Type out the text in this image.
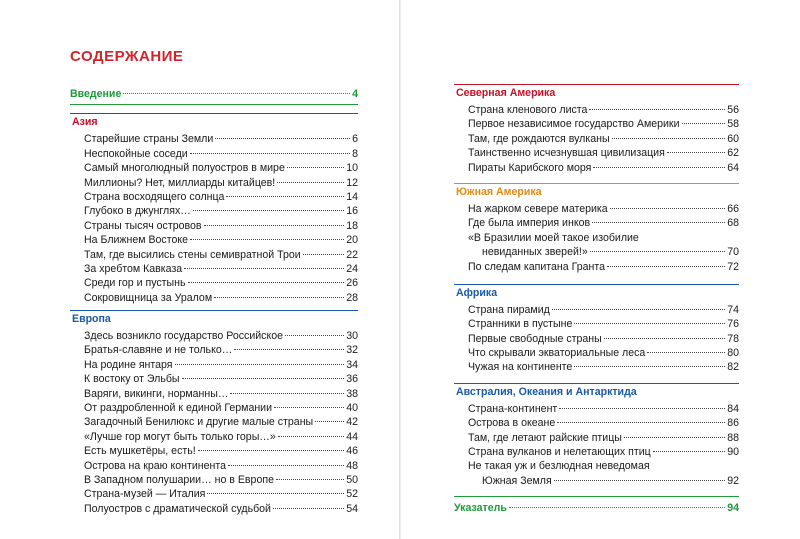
СОДЕРЖАНИЕ
Введение	4
Азия
Старейшие страны Земли	6
Неспокойные соседи	8
Самый многолюдный полуостров в мире	10
Миллионы? Нет, миллиарды китайцев!	12
Страна восходящего солнца	14
Глубоко в джунглях…	16
Страны тысяч островов	18
На Ближнем Востоке	20
Там, где высились стены семивратной Трои	22
За хребтом Кавказа	24
Среди гор и пустынь	26
Сокровищница за Уралом	28
Европа
Здесь возникло государство Российское	30
Братья-славяне и не только…	32
На родине янтаря	34
К востоку от Эльбы	36
Варяги, викинги, норманны…	38
От раздробленной к единой Германии	40
Загадочный Бенилюкс и другие малые страны	42
«Лучше гор могут быть только горы…»	44
Есть мушкетёры, есть!	46
Острова на краю континента	48
В Западном полушарии… но в Европе	50
Страна-музей — Италия	52
Полуостров с драматической судьбой	54
Северная Америка
Страна кленового листа	56
Первое независимое государство Америки	58
Там, где рождаются вулканы	60
Таинственно исчезнувшая цивилизация	62
Пираты Карибского моря	64
Южная Америка
На жарком севере материка	66
Где была империя инков	68
«В Бразилии моей такое изобилие
невиданных зверей!»	70
По следам капитана Гранта	72
Африка
Страна пирамид	74
Странники в пустыне	76
Первые свободные страны	78
Что скрывали экваториальные леса	80
Чужая на континенте	82
Австралия, Океания и Антарктида
Страна-континент	84
Острова в океане	86
Там, где летают райские птицы	88
Страна вулканов и нелетающих птиц	90
Не такая уж и безлюдная неведомая
Южная Земля	92
Указатель	94
